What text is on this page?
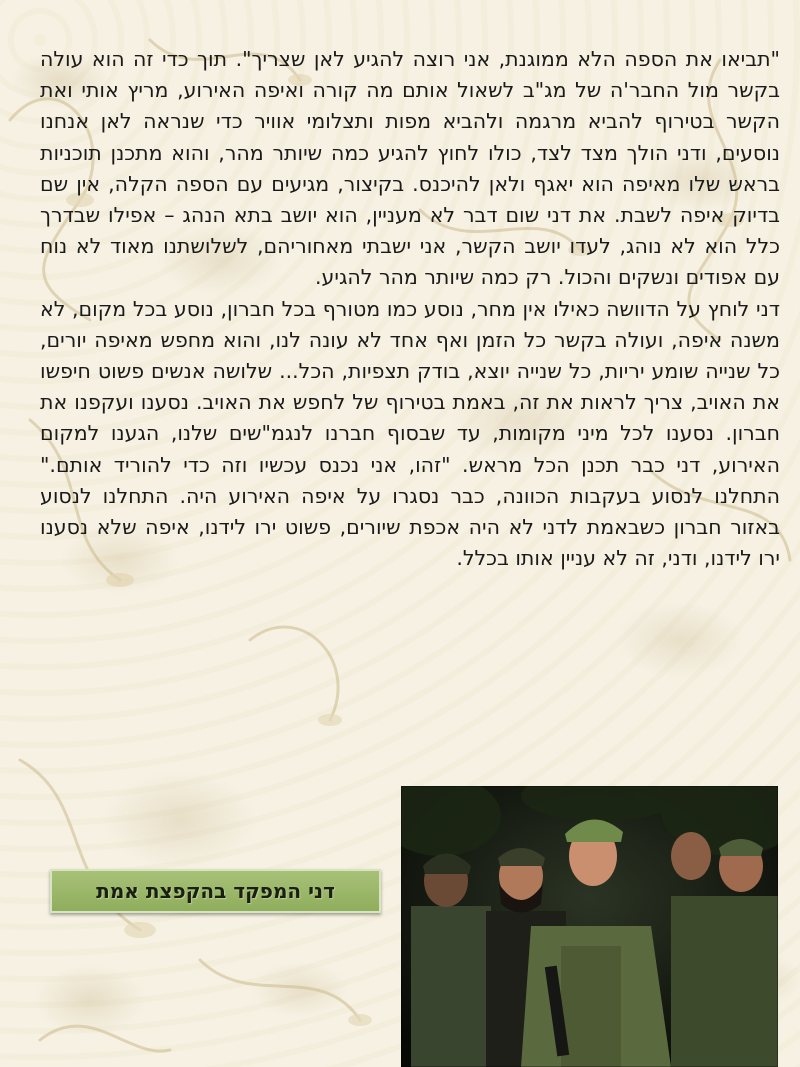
"תביאו את הספה הלא ממוגנת, אני רוצה להגיע לאן שצריך". תוך כדי זה הוא עולה בקשר מול החבר'ה של מג"ב לשאול אותם מה קורה ואיפה האירוע, מריץ אותי ואת הקשר בטירוף להביא מרגמה ולהביא מפות ותצלומי אוויר כדי שנראה לאן אנחנו נוסעים, ודני הולך מצד לצד, כולו לחוץ להגיע כמה שיותר מהר, והוא מתכנן תוכניות בראש שלו מאיפה הוא יאגף ולאן להיכנס. בקיצור, מגיעים עם הספה הקלה, אין שם בדיוק איפה לשבת. את דני שום דבר לא מעניין, הוא יושב בתא הנהג – אפילו שבדרך כלל הוא לא נוהג, לעדו יושב הקשר, אני ישבתי מאחוריהם, לשלושתנו מאוד לא נוח עם אפודים ונשקים והכול. רק כמה שיותר מהר להגיע.

דני לוחץ על הדוושה כאילו אין מחר, נוסע כמו מטורף בכל חברון, נוסע בכל מקום, לא משנה איפה, ועולה בקשר כל הזמן ואף אחד לא עונה לנו, והוא מחפש מאיפה יורים, כל שנייה שומע יריות, כל שנייה יוצא, בודק תצפיות, הכל... שלושה אנשים פשוט חיפשו את האויב, צריך לראות את זה, באמת בטירוף של לחפש את האויב. נסענו ועקפנו את חברון. נסענו לכל מיני מקומות, עד שבסוף חברנו לנגמ"שים שלנו, הגענו למקום האירוע, דני כבר תכנן הכל מראש. "זהו, אני נכנס עכשיו וזה כדי להוריד אותם." התחלנו לנסוע בעקבות הכוונה, כבר נסגרו על איפה האירוע היה. התחלנו לנסוע באזור חברון כשבאמת לדני לא היה אכפת שיורים, פשוט ירו לידנו, איפה שלא נסענו ירו לידנו, ודני, זה לא עניין אותו בכלל.

דני המפקד בהקפצת אמת
